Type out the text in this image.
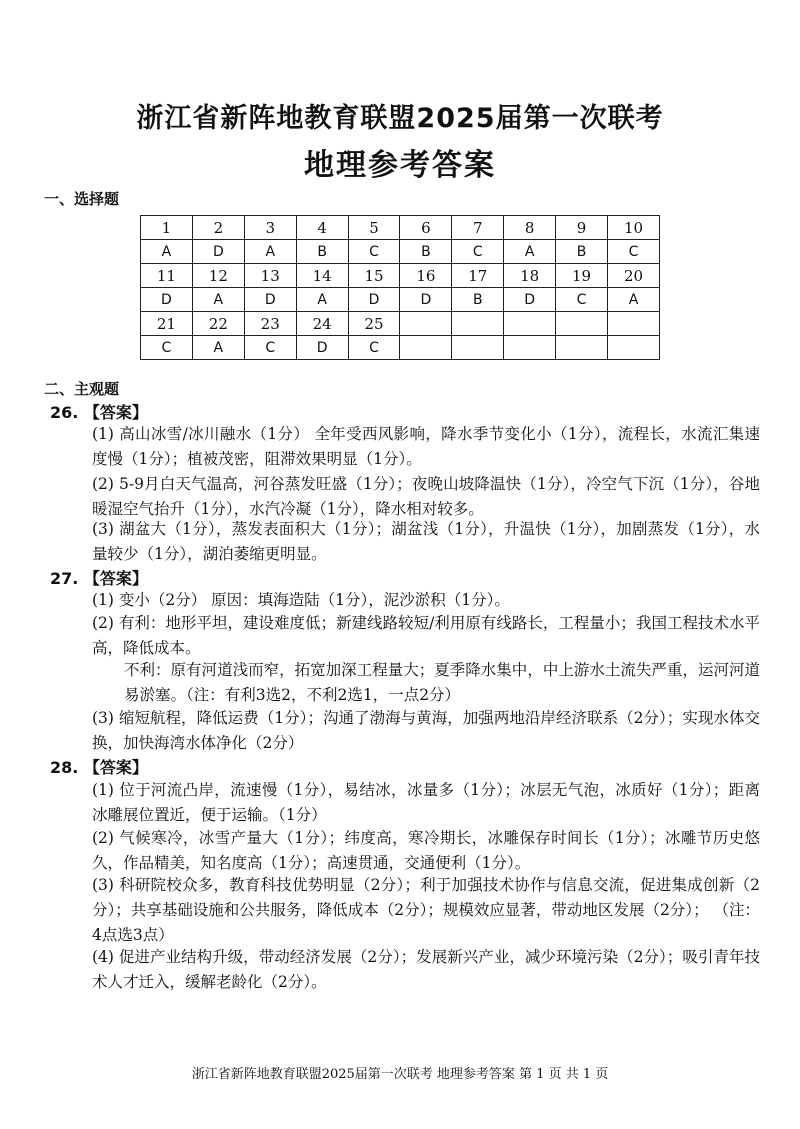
浙江省新阵地教育联盟2025届第一次联考
地理参考答案
一、选择题
1	2	3	4	5	6	7	8	9	10
A	D	A	B	C	B	C	A	B	C
11	12	13	14	15	16	17	18	19	20
D	A	D	A	D	D	B	D	C	A
21	22	23	24	25					
C	A	C	D	C					
二、主观题
26. 【答案】
(1) 高山冰雪/冰川融水（1分） 全年受西风影响，降水季节变化小（1分），流程长，水流汇集速度慢（1分）；植被茂密，阻滞效果明显（1分）。
(2) 5-9月白天气温高，河谷蒸发旺盛（1分）；夜晚山坡降温快（1分），冷空气下沉（1分），谷地暖湿空气抬升（1分），水汽冷凝（1分），降水相对较多。
(3) 湖盆大（1分），蒸发表面积大（1分）；湖盆浅（1分），升温快（1分），加剧蒸发（1分），水量较少（1分），湖泊萎缩更明显。
27. 【答案】
(1) 变小（2分） 原因：填海造陆（1分），泥沙淤积（1分）。
(2) 有利：地形平坦，建设难度低；新建线路较短/利用原有线路长，工程量小；我国工程技术水平高，降低成本。
不利：原有河道浅而窄，拓宽加深工程量大；夏季降水集中，中上游水土流失严重，运河河道易淤塞。（注：有利3选2，不利2选1，一点2分）
(3) 缩短航程，降低运费（1分）；沟通了渤海与黄海，加强两地沿岸经济联系（2分）；实现水体交换，加快海湾水体净化（2分）
28. 【答案】
(1) 位于河流凸岸，流速慢（1分），易结冰，冰量多（1分）；冰层无气泡，冰质好（1分）；距离冰雕展位置近，便于运输。（1分）
(2) 气候寒冷，冰雪产量大（1分）；纬度高，寒冷期长，冰雕保存时间长（1分）；冰雕节历史悠久，作品精美，知名度高（1分）；高速贯通，交通便利（1分）。
(3) 科研院校众多，教育科技优势明显（2分）；利于加强技术协作与信息交流，促进集成创新（2分）；共享基础设施和公共服务，降低成本（2分）；规模效应显著，带动地区发展（2分）； （注：4点选3点）
(4) 促进产业结构升级，带动经济发展（2分）；发展新兴产业，减少环境污染（2分）；吸引青年技术人才迁入，缓解老龄化（2分）。
浙江省新阵地教育联盟2025届第一次联考 地理参考答案 第 1 页 共 1 页
